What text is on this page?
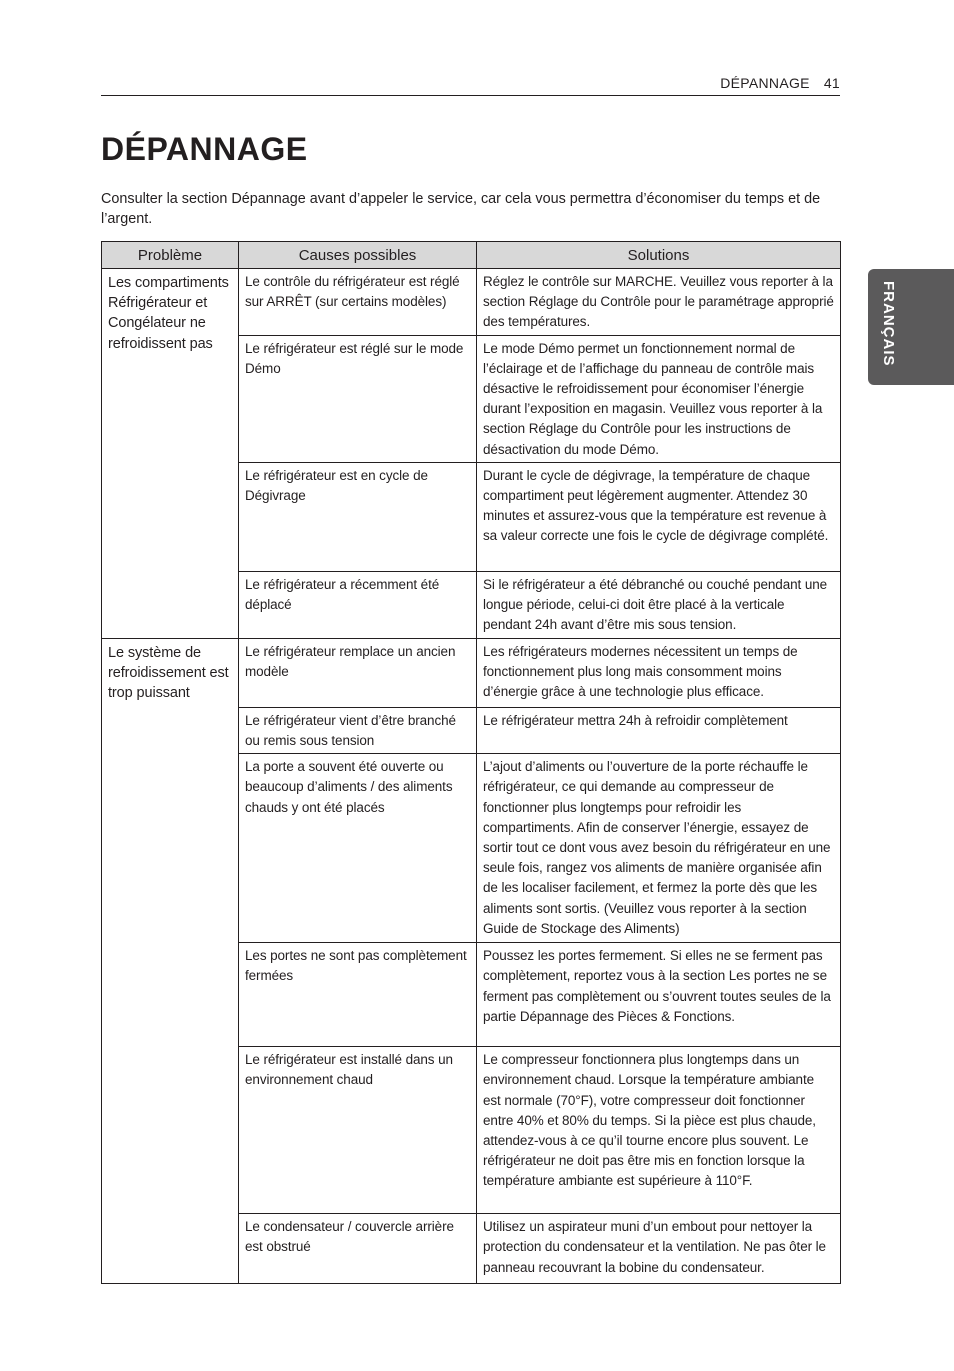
DÉPANNAGE 41
DÉPANNAGE

Consulter la section Dépannage avant d’appeler le service, car cela vous permettra d’économiser du temps et de l’argent.

FRANÇAIS
Problème	Causes possibles	Solutions
Les compartiments Réfrigérateur et Congélateur ne refroidissent pas	Le contrôle du réfrigérateur est réglé sur ARRÊT (sur certains modèles)	Réglez le contrôle sur MARCHE. Veuillez vous reporter à la section Réglage du Contrôle pour le paramétrage approprié des températures.
	Le réfrigérateur est réglé sur le mode Démo	Le mode Démo permet un fonctionnement normal de l’éclairage et de l’affichage du panneau de contrôle mais désactive le refroidissement pour économiser l’énergie durant l’exposition en magasin. Veuillez vous reporter à la section Réglage du Contrôle pour les instructions de désactivation du mode Démo.
	Le réfrigérateur est en cycle de Dégivrage	Durant le cycle de dégivrage, la température de chaque compartiment peut légèrement augmenter. Attendez 30 minutes et assurez-vous que la température est revenue à sa valeur correcte une fois le cycle de dégivrage complété.
	Le réfrigérateur a récemment été déplacé	Si le réfrigérateur a été débranché ou couché pendant une longue période, celui-ci doit être placé à la verticale pendant 24h avant d’être mis sous tension.
Le système de refroidissement est trop puissant	Le réfrigérateur remplace un ancien modèle	Les réfrigérateurs modernes nécessitent un temps de fonctionnement plus long mais consomment moins d’énergie grâce à une technologie plus efficace.
	Le réfrigérateur vient d’être branché ou remis sous tension	Le réfrigérateur mettra 24h à refroidir complètement
	La porte a souvent été ouverte ou beaucoup d’aliments / des aliments chauds y ont été placés	L’ajout d’aliments ou l’ouverture de la porte réchauffe le réfrigérateur, ce qui demande au compresseur de fonctionner plus longtemps pour refroidir les compartiments. Afin de conserver l’énergie, essayez de sortir tout ce dont vous avez besoin du réfrigérateur en une seule fois, rangez vos aliments de manière organisée afin de les localiser facilement, et fermez la porte dès que les aliments sont sortis. (Veuillez vous reporter à la section Guide de Stockage des Aliments)
	Les portes ne sont pas complètement fermées	Poussez les portes fermement. Si elles ne se ferment pas complètement, reportez vous à la section Les portes ne se ferment pas complètement ou s’ouvrent toutes seules de la partie Dépannage des Pièces & Fonctions.
	Le réfrigérateur est installé dans un environnement chaud	Le compresseur fonctionnera plus longtemps dans un environnement chaud. Lorsque la température ambiante est normale (70°F), votre compresseur doit fonctionner entre 40% et 80% du temps. Si la pièce est plus chaude, attendez-vous à ce qu’il tourne encore plus souvent. Le réfrigérateur ne doit pas être mis en fonction lorsque la température ambiante est supérieure à 110°F.
	Le condensateur / couvercle arrière est obstrué	Utilisez un aspirateur muni d’un embout pour nettoyer la protection du condensateur et la ventilation. Ne pas ôter le panneau recouvrant la bobine du condensateur.
